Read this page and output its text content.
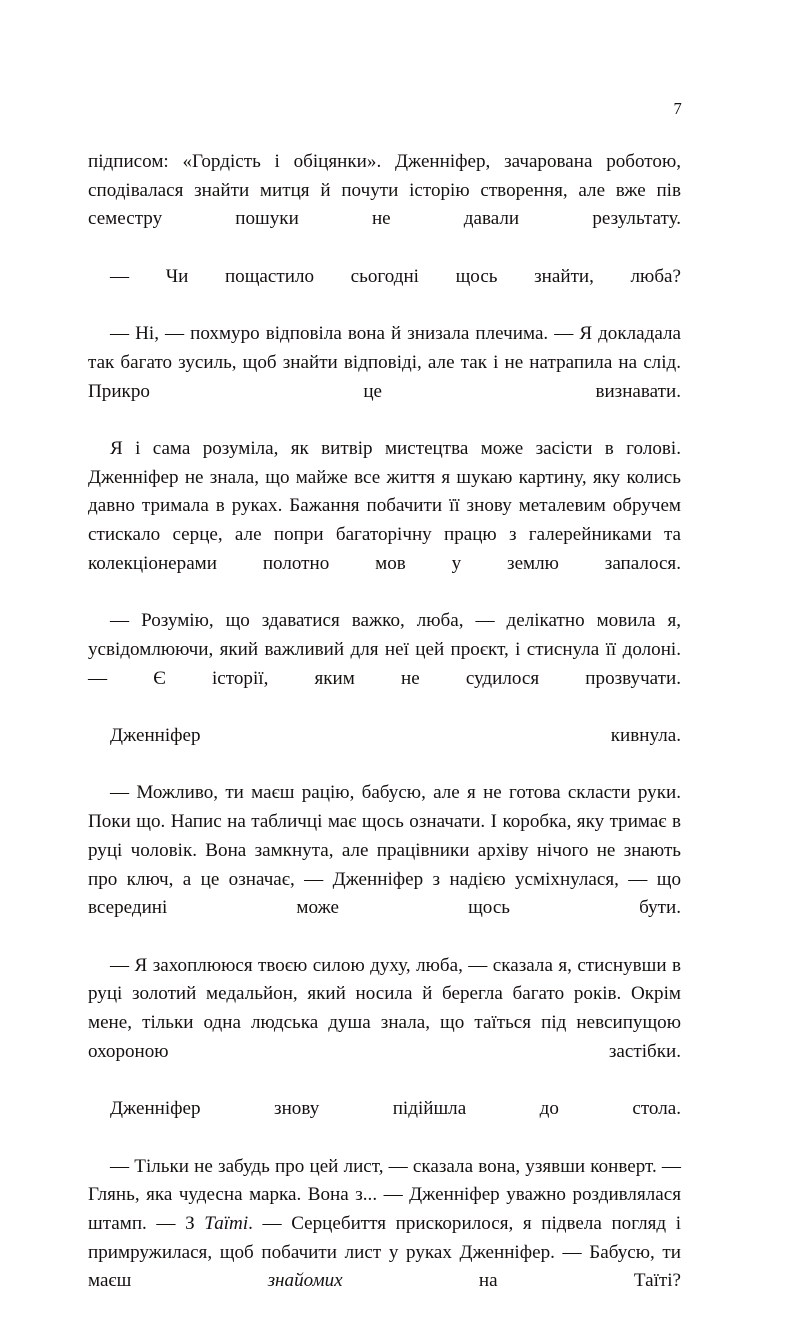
7

підписом: «Гордість і обіцянки». Дженніфер, зачарована роботою, сподівалася знайти митця й почути історію створення, але вже пів семестру пошуки не давали результату.

— Чи пощастило сьогодні щось знайти, люба?

— Ні, — похмуро відповіла вона й знизала плечима. — Я докладала так багато зусиль, щоб знайти відповіді, але так і не натрапила на слід. Прикро це визнавати.

Я і сама розуміла, як витвір мистецтва може засісти в голові. Дженніфер не знала, що майже все життя я шукаю картину, яку колись давно тримала в руках. Бажання побачити її знову металевим обручем стискало серце, але попри багаторічну працю з галерейниками та колекціонерами полотно мов у землю запалося.

— Розумію, що здаватися важко, люба, — делікатно мовила я, усвідомлюючи, який важливий для неї цей проєкт, і стиснула її долоні. — Є історії, яким не судилося прозвучати.

Дженніфер кивнула.

— Можливо, ти маєш рацію, бабусю, але я не готова скласти руки. Поки що. Напис на табличці має щось означати. І коробка, яку тримає в руці чоловік. Вона замкнута, але працівники архіву нічого не знають про ключ, а це означає, — Дженніфер з надією усміхнулася, — що всередині може щось бути.

— Я захоплююся твоєю силою духу, люба, — сказала я, стиснувши в руці золотий медальйон, який носила й берегла багато років. Окрім мене, тільки одна людська душа знала, що таїться під невсипущою охороною застібки.

Дженніфер знову підійшла до стола.

— Тільки не забудь про цей лист, — сказала вона, узявши конверт. — Глянь, яка чудесна марка. Вона з... — Дженніфер уважно роздивлялася штамп. — З Таїті. — Серцебиття прискорилося, я підвела погляд і примружилася, щоб побачити лист у руках Дженніфер. — Бабусю, ти маєш знайомих на Таїті?
